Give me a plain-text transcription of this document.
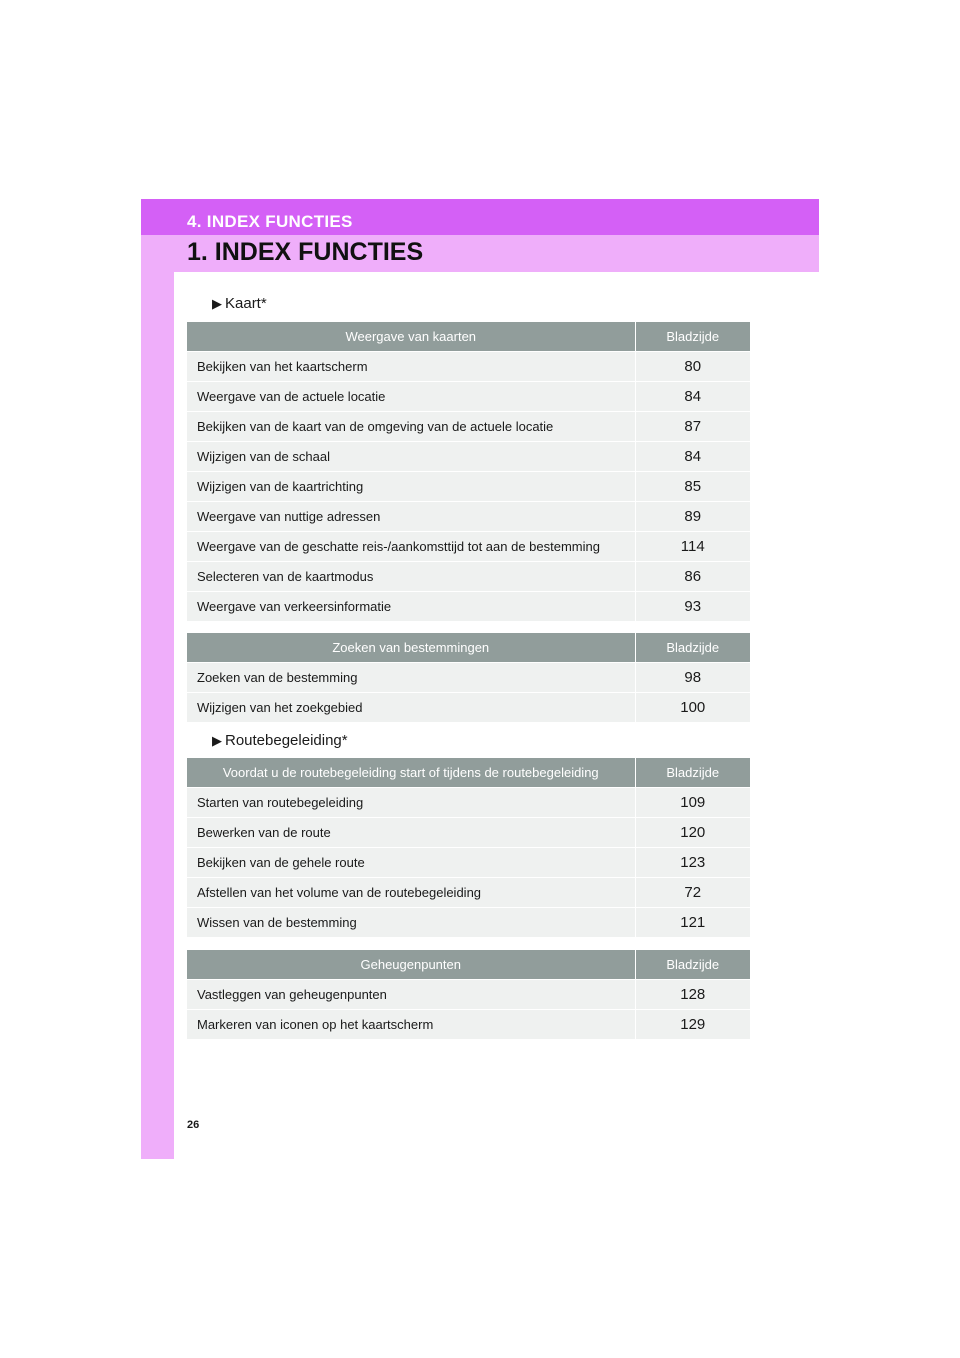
4. INDEX FUNCTIES
1. INDEX FUNCTIES
▶ Kaart*
Weergave van kaarten	Bladzijde
Bekijken van het kaartscherm	80
Weergave van de actuele locatie	84
Bekijken van de kaart van de omgeving van de actuele locatie	87
Wijzigen van de schaal	84
Wijzigen van de kaartrichting	85
Weergave van nuttige adressen	89
Weergave van de geschatte reis-/aankomsttijd tot aan de bestemming	114
Selecteren van de kaartmodus	86
Weergave van verkeersinformatie	93
Zoeken van bestemmingen	Bladzijde
Zoeken van de bestemming	98
Wijzigen van het zoekgebied	100
▶ Routebegeleiding*
Voordat u de routebegeleiding start of tijdens de routebegeleiding	Bladzijde
Starten van routebegeleiding	109
Bewerken van de route	120
Bekijken van de gehele route	123
Afstellen van het volume van de routebegeleiding	72
Wissen van de bestemming	121
Geheugenpunten	Bladzijde
Vastleggen van geheugenpunten	128
Markeren van iconen op het kaartscherm	129
26
